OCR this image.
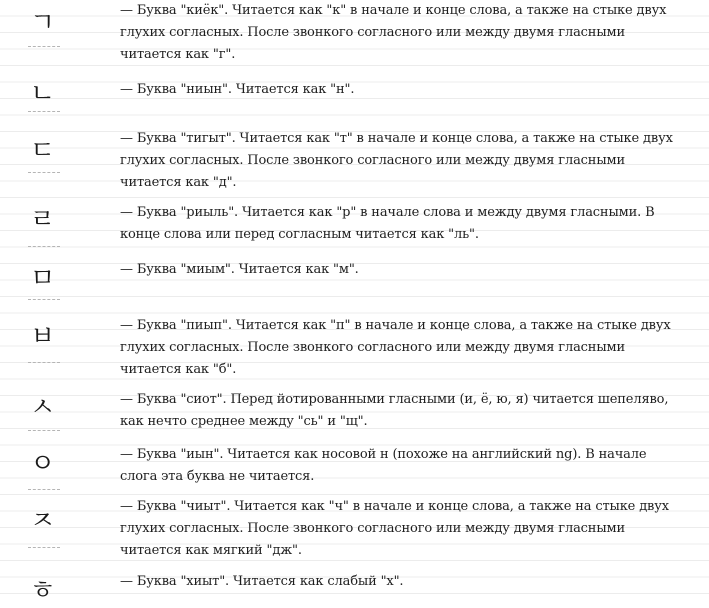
ㄱ	— Буква "киёк". Читается как "к" в начале и конце слова, а также на стыке двух
глухих согласных. После звонкого согласного или между двумя гласными
читается как "г".
ㄴ	— Буква "ниын". Читается как "н".
ㄷ	— Буква "тигыт". Читается как "т" в начале и конце слова, а также на стыке двух
глухих согласных. После звонкого согласного или между двумя гласными
читается как "д".
ㄹ	— Буква "риыль". Читается как "р" в начале слова и между двумя гласными. В
конце слова или перед согласным читается как "ль".
ㅁ	— Буква "миым". Читается как "м".
ㅂ	— Буква "пиып". Читается как "п" в начале и конце слова, а также на стыке двух
глухих согласных. После звонкого согласного или между двумя гласными
читается как "б".
ㅅ	— Буква "сиот". Перед йотированными гласными (и, ё, ю, я) читается шепеляво,
как нечто среднее между "сь" и "щ".
ㅇ	— Буква "иын". Читается как носовой н (похоже на английский ng). В начале
слога эта буква не читается.
ㅈ	— Буква "чиыт". Читается как "ч" в начале и конце слова, а также на стыке двух
глухих согласных. После звонкого согласного или между двумя гласными
читается как мягкий "дж".
ㅎ	— Буква "хиыт". Читается как слабый "х".
